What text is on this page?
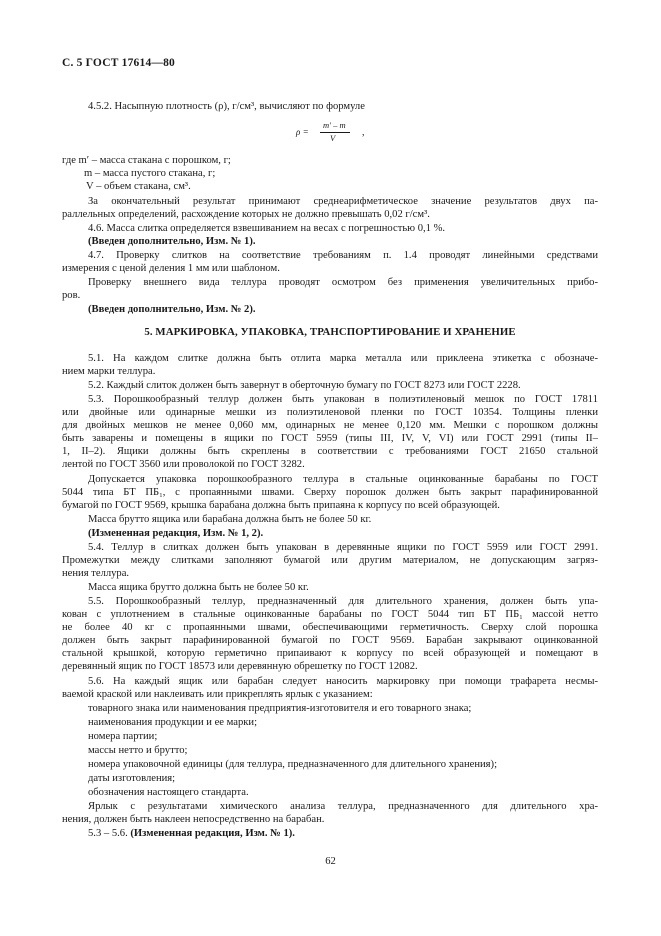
С. 5 ГОСТ 17614—80
4.5.2. Насыпную плотность (ρ), г/см³, вычисляют по формуле
ρ =
m′ – m
V	,
где m′ – масса стакана с порошком, г;
m – масса пустого стакана, г;
V – объем стакана, см³.
За окончательный результат принимают среднеарифметическое значение результатов двух па-
раллельных определений, расхождение которых не должно превышать 0,02 г/см³.
4.6. Масса слитка определяется взвешиванием на весах с погрешностью 0,1 %.
(Введен дополнительно, Изм. № 1).
4.7. Проверку слитков на соответствие требованиям п. 1.4 проводят линейными средствами
измерения с ценой деления 1 мм или шаблоном.
Проверку внешнего вида теллура проводят осмотром без применения увеличительных прибо-
ров.
(Введен дополнительно, Изм. № 2).
5. МАРКИРОВКА, УПАКОВКА, ТРАНСПОРТИРОВАНИЕ И ХРАНЕНИЕ
5.1. На каждом слитке должна быть отлита марка металла или приклеена этикетка с обозначе-
нием марки теллура.
5.2. Каждый слиток должен быть завернут в оберточную бумагу по ГОСТ 8273 или ГОСТ 2228.
5.3. Порошкообразный теллур должен быть упакован в полиэтиленовый мешок по ГОСТ 17811
или двойные или одинарные мешки из полиэтиленовой пленки по ГОСТ 10354. Толщины пленки
для двойных мешков не менее 0,060 мм, одинарных не менее 0,120 мм. Мешки с порошком должны
быть заварены и помещены в ящики по ГОСТ 5959 (типы III, IV, V, VI) или ГОСТ 2991 (типы II–
1, II–2). Ящики должны быть скреплены в соответствии с требованиями ГОСТ 21650 стальной
лентой по ГОСТ 3560 или проволокой по ГОСТ 3282.
Допускается упаковка порошкообразного теллура в стальные оцинкованные барабаны по ГОСТ
5044 типа БТ ПБ₁, с пропаянными швами. Сверху порошок должен быть закрыт парафинированной
бумагой по ГОСТ 9569, крышка барабана должна быть припаяна к корпусу по всей образующей.
Масса брутто ящика или барабана должна быть не более 50 кг.
(Измененная редакция, Изм. № 1, 2).
5.4. Теллур в слитках должен быть упакован в деревянные ящики по ГОСТ 5959 или ГОСТ 2991.
Промежутки между слитками заполняют бумагой или другим материалом, не допускающим загряз-
нения теллура.
Масса ящика брутто должна быть не более 50 кг.
5.5. Порошкообразный теллур, предназначенный для длительного хранения, должен быть упа-
кован с уплотнением в стальные оцинкованные барабаны по ГОСТ 5044 тип БТ ПБ₁ массой нетто
не более 40 кг с пропаянными швами, обеспечивающими герметичность. Сверху слой порошка
должен быть закрыт парафинированной бумагой по ГОСТ 9569. Барабан закрывают оцинкованной
стальной крышкой, которую герметично припаивают к корпусу по всей образующей и помещают в
деревянный ящик по ГОСТ 18573 или деревянную обрешетку по ГОСТ 12082.
5.6. На каждый ящик или барабан следует наносить маркировку при помощи трафарета несмы-
ваемой краской или наклеивать или прикреплять ярлык с указанием:
товарного знака или наименования предприятия-изготовителя и его товарного знака;
наименования продукции и ее марки;
номера партии;
массы нетто и брутто;
номера упаковочной единицы (для теллура, предназначенного для длительного хранения);
даты изготовления;
обозначения настоящего стандарта.
Ярлык с результатами химического анализа теллура, предназначенного для длительного хра-
нения, должен быть наклеен непосредственно на барабан.
5.3 – 5.6. (Измененная редакция, Изм. № 1).
62
